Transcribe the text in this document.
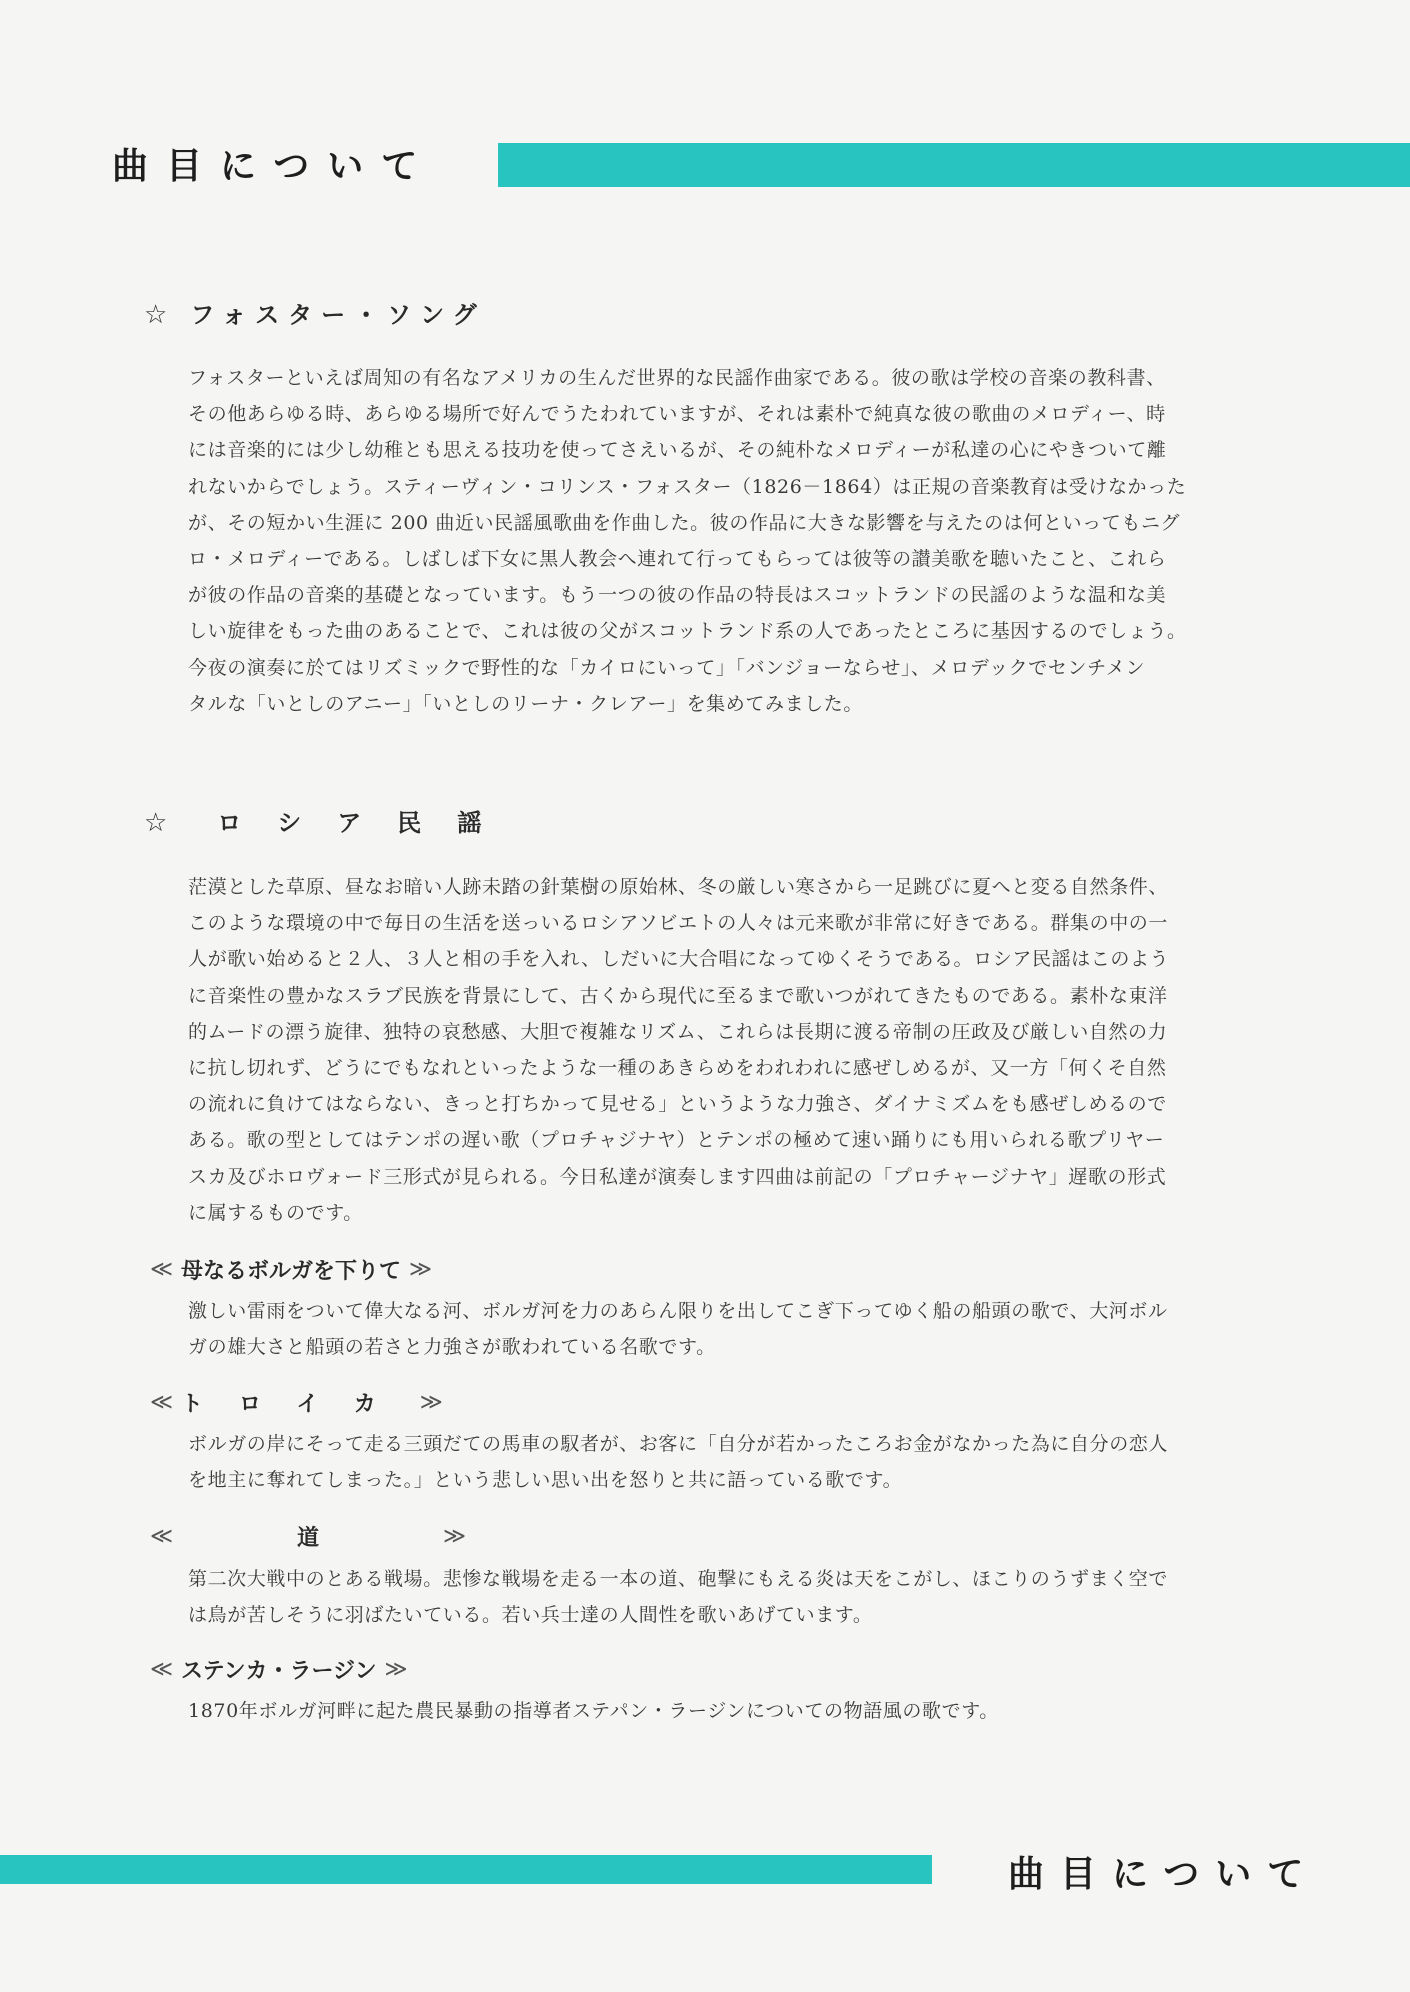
曲目について
☆ フォスター・ソング

フォスターといえば周知の有名なアメリカの生んだ世界的な民謡作曲家である。彼の歌は学校の音楽の教科書、
その他あらゆる時、あらゆる場所で好んでうたわれていますが、それは素朴で純真な彼の歌曲のメロディー、時
には音楽的には少し幼稚とも思える技功を使ってさえいるが、その純朴なメロディーが私達の心にやきついて離
れないからでしょう。スティーヴィン・コリンス・フォスター（1826－1864）は正規の音楽教育は受けなかった
が、その短かい生涯に 200 曲近い民謡風歌曲を作曲した。彼の作品に大きな影響を与えたのは何といってもニグ
ロ・メロディーである。しばしば下女に黒人教会へ連れて行ってもらっては彼等の讃美歌を聴いたこと、これら
が彼の作品の音楽的基礎となっています。もう一つの彼の作品の特長はスコットランドの民謡のような温和な美
しい旋律をもった曲のあることで、これは彼の父がスコットランド系の人であったところに基因するのでしょう。
今夜の演奏に於てはリズミックで野性的な「カイロにいって」「バンジョーならせ」、メロデックでセンチメン
タルな「いとしのアニー」「いとしのリーナ・クレアー」を集めてみました。

☆ ロシア民謡

茫漠とした草原、昼なお暗い人跡未踏の針葉樹の原始林、冬の厳しい寒さから一足跳びに夏へと変る自然条件、
このような環境の中で毎日の生活を送っいるロシアソビエトの人々は元来歌が非常に好きである。群集の中の一
人が歌い始めると２人、３人と相の手を入れ、しだいに大合唱になってゆくそうである。ロシア民謡はこのよう
に音楽性の豊かなスラブ民族を背景にして、古くから現代に至るまで歌いつがれてきたものである。素朴な東洋
的ムードの漂う旋律、独特の哀愁感、大胆で複雑なリズム、これらは長期に渡る帝制の圧政及び厳しい自然の力
に抗し切れず、どうにでもなれといったような一種のあきらめをわれわれに感ぜしめるが、又一方「何くそ自然
の流れに負けてはならない、きっと打ちかって見せる」というような力強さ、ダイナミズムをも感ぜしめるので
ある。歌の型としてはテンポの遅い歌（プロチャジナヤ）とテンポの極めて速い踊りにも用いられる歌プリヤー
スカ及びホロヴォード三形式が見られる。今日私達が演奏します四曲は前記の「プロチャージナヤ」遅歌の形式
に属するものです。

≪ 母なるボルガを下りて ≫

激しい雷雨をついて偉大なる河、ボルガ河を力のあらん限りを出してこぎ下ってゆく船の船頭の歌で、大河ボル
ガの雄大さと船頭の若さと力強さが歌われている名歌です。

≪ トロイカ ≫

ボルガの岸にそって走る三頭だての馬車の馭者が、お客に「自分が若かったころお金がなかった為に自分の恋人
を地主に奪れてしまった。」という悲しい思い出を怒りと共に語っている歌です。

≪	道	≫

第二次大戦中のとある戦場。悲惨な戦場を走る一本の道、砲撃にもえる炎は天をこがし、ほこりのうずまく空で
は鳥が苦しそうに羽ばたいている。若い兵士達の人間性を歌いあげています。

≪ ステンカ・ラージン ≫

1870年ボルガ河畔に起た農民暴動の指導者ステパン・ラージンについての物語風の歌です。

曲目について
